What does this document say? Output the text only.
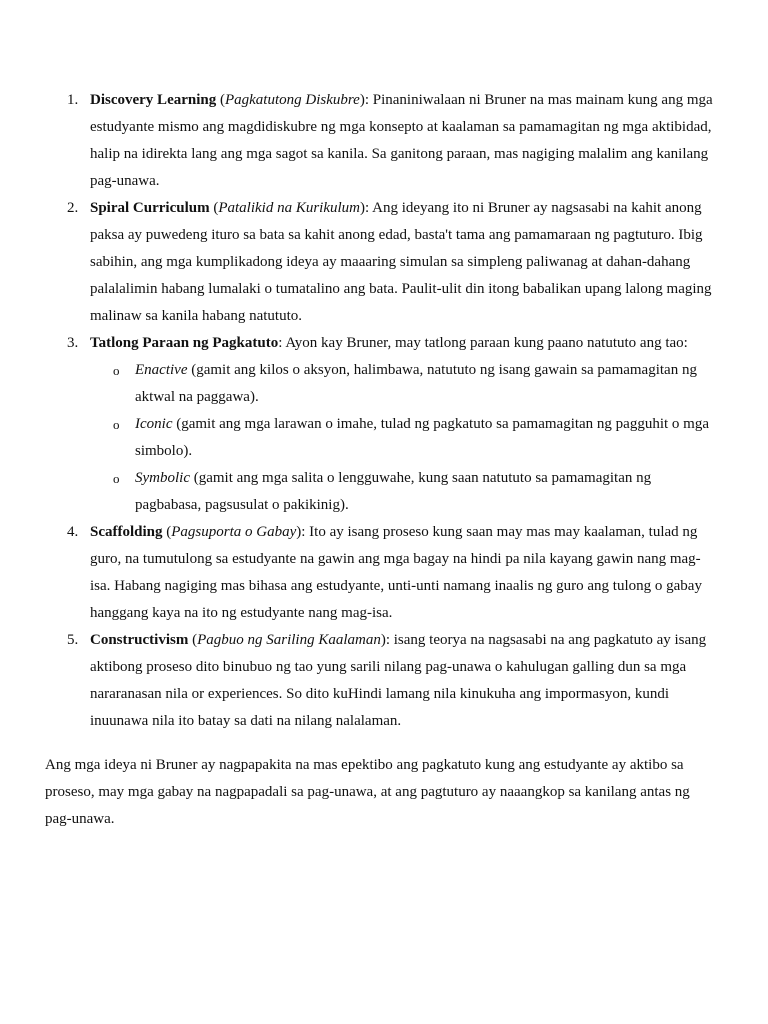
1. Discovery Learning (Pagkatutong Diskubre): Pinaniniwalaan ni Bruner na mas mainam kung ang mga estudyante mismo ang magdidiskubre ng mga konsepto at kaalaman sa pamamagitan ng mga aktibidad, halip na idirekta lang ang mga sagot sa kanila. Sa ganitong paraan, mas nagiging malalim ang kanilang pag-unawa.
2. Spiral Curriculum (Patalikid na Kurikulum): Ang ideyang ito ni Bruner ay nagsasabi na kahit anong paksa ay puwedeng ituro sa bata sa kahit anong edad, basta't tama ang pamamaraan ng pagtuturo. Ibig sabihin, ang mga kumplikadong ideya ay maaaring simulan sa simpleng paliwanag at dahan-dahang palalalimin habang lumalaki o tumatalino ang bata. Paulit-ulit din itong babalikan upang lalong maging malinaw sa kanila habang natututo.
3. Tatlong Paraan ng Pagkatuto: Ayon kay Bruner, may tatlong paraan kung paano natututo ang tao:
o Enactive (gamit ang kilos o aksyon, halimbawa, natututo ng isang gawain sa pamamagitan ng aktwal na paggawa).
o Iconic (gamit ang mga larawan o imahe, tulad ng pagkatuto sa pamamagitan ng pagguhit o mga simbolo).
o Symbolic (gamit ang mga salita o lengguwahe, kung saan natututo sa pamamagitan ng pagbabasa, pagsusulat o pakikinig).
4. Scaffolding (Pagsuporta o Gabay): Ito ay isang proseso kung saan may mas may kaalaman, tulad ng guro, na tumutulong sa estudyante na gawin ang mga bagay na hindi pa nila kayang gawin nang mag-isa. Habang nagiging mas bihasa ang estudyante, unti-unti namang inaalis ng guro ang tulong o gabay hanggang kaya na ito ng estudyante nang mag-isa.
5. Constructivism (Pagbuo ng Sariling Kaalaman): isang teorya na nagsasabi na ang pagkatuto ay isang aktibong proseso dito binubuo ng tao yung sarili nilang pag-unawa o kahulugan galling dun sa mga nararanasan nila or experiences. So dito kuHindi lamang nila kinukuha ang impormasyon, kundi inuunawa nila ito batay sa dati na nilang nalalaman.

Ang mga ideya ni Bruner ay nagpapakita na mas epektibo ang pagkatuto kung ang estudyante ay aktibo sa proseso, may mga gabay na nagpapadali sa pag-unawa, at ang pagtuturo ay naaangkop sa kanilang antas ng pag-unawa.
